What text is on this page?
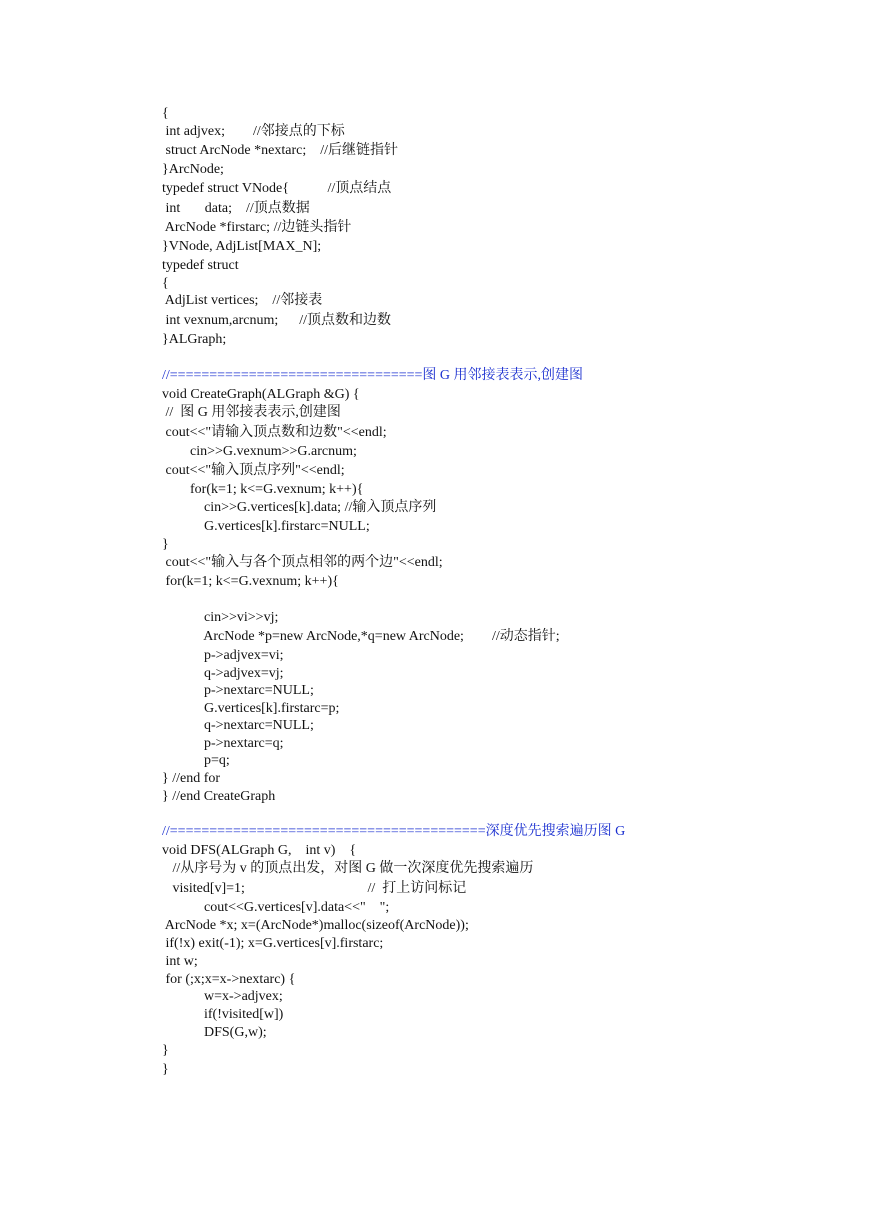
{
int adjvex;        //邻接点的下标
struct ArcNode *nextarc;    //后继链指针
}ArcNode;
typedef struct VNode{           //顶点结点
int       data;    //顶点数据
ArcNode *firstarc; //边链头指针
}VNode, AdjList[MAX_N];
typedef struct
{
AdjList vertices;    //邻接表
int vexnum,arcnum;      //顶点数和边数
}ALGraph;
//================================图 G 用邻接表表示,创建图
void CreateGraph(ALGraph &G) {
//  图 G 用邻接表表示,创建图
cout<<"请输入顶点数和边数"<<endl;
cin>>G.vexnum>>G.arcnum;
cout<<"输入顶点序列"<<endl;
for(k=1; k<=G.vexnum; k++){
cin>>G.vertices[k].data; //输入顶点序列
G.vertices[k].firstarc=NULL;
}
cout<<"输入与各个顶点相邻的两个边"<<endl;
for(k=1; k<=G.vexnum; k++){
cin>>vi>>vj;
ArcNode *p=new ArcNode,*q=new ArcNode;        //动态指针;
p->adjvex=vi;
q->adjvex=vj;
p->nextarc=NULL;
G.vertices[k].firstarc=p;
q->nextarc=NULL;
p->nextarc=q;
p=q;
} //end for
} //end CreateGraph
//========================================深度优先搜索遍历图 G
void DFS(ALGraph G,    int v)    {
//从序号为 v 的顶点出发，对图 G 做一次深度优先搜索遍历
visited[v]=1;                                   //  打上访问标记
cout<<G.vertices[v].data<<"    ";
ArcNode *x; x=(ArcNode*)malloc(sizeof(ArcNode));
if(!x) exit(-1); x=G.vertices[v].firstarc;
int w;
for (;x;x=x->nextarc) {
w=x->adjvex;
if(!visited[w])
DFS(G,w);
}
}
